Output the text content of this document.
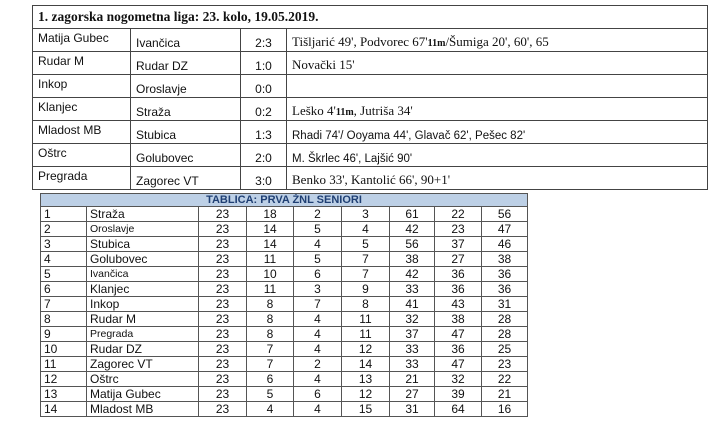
1. zagorska nogometna liga: 23. kolo, 19.05.2019.			
Matija Gubec	Ivančica	2:3	Tišljarić 49', Podvorec 67'11m/Šumiga 20', 60', 65
Rudar M	Rudar DZ	1:0	Novački 15'
Inkop	Oroslavje	0:0	
Klanjec	Straža	0:2	Leško 4'11m, Jutriša 34'
Mladost MB	Stubica	1:3	Rhadi 74'/ Ooyama 44', Glavač 62', Pešec 82'
Oštrc	Golubovec	2:0	M. Škrlec 46', Lajšić 90'
Pregrada	Zagorec VT	3:0	Benko 33', Kantolić 66', 90+1'
TABLICA: PRVA ŽNL SENIORI								
1	Straža	23	18	2	3	61	22	56
2	Oroslavje	23	14	5	4	42	23	47
3	Stubica	23	14	4	5	56	37	46
4	Golubovec	23	11	5	7	38	27	38
5	Ivančica	23	10	6	7	42	36	36
6	Klanjec	23	11	3	9	33	36	36
7	Inkop	23	8	7	8	41	43	31
8	Rudar M	23	8	4	11	32	38	28
9	Pregrada	23	8	4	11	37	47	28
10	Rudar DZ	23	7	4	12	33	36	25
11	Zagorec VT	23	7	2	14	33	47	23
12	Oštrc	23	6	4	13	21	32	22
13	Matija Gubec	23	5	6	12	27	39	21
14	Mladost MB	23	4	4	15	31	64	16
